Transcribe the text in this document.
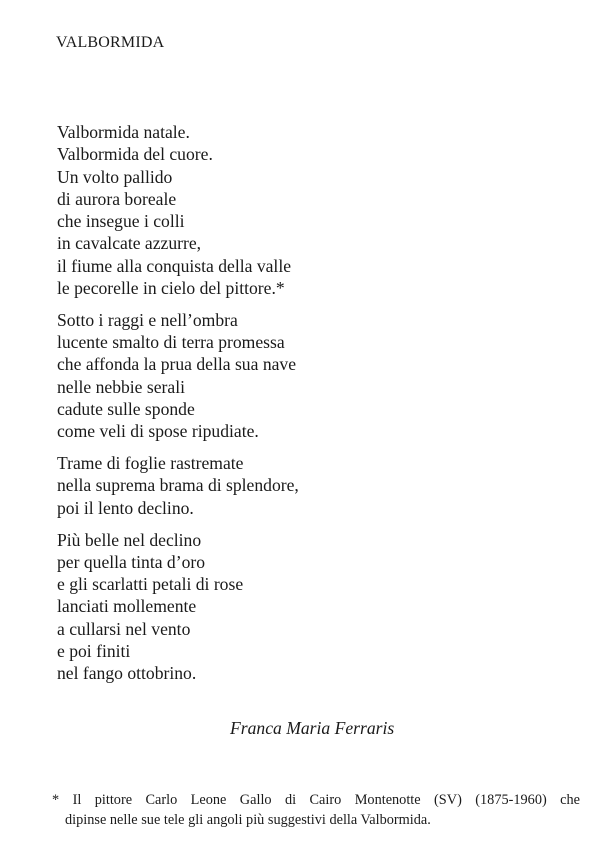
VALBORMIDA
Valbormida natale.
Valbormida del cuore.
Un volto pallido
di aurora boreale
che insegue i colli
in cavalcate azzurre,
il fiume alla conquista della valle
le pecorelle in cielo del pittore.*
Sotto i raggi e nell’ombra
lucente smalto di terra promessa
che affonda la prua della sua nave
nelle nebbie serali
cadute sulle sponde
come veli di spose ripudiate.
Trame di foglie rastremate
nella suprema brama di splendore,
poi il lento declino.
Più belle nel declino
per quella tinta d’oro
e gli scarlatti petali di rose
lanciati mollemente
a cullarsi nel vento
e poi finiti
nel fango ottobrino.
Franca Maria Ferraris
* Il pittore Carlo Leone Gallo di Cairo Montenotte (SV) (1875-1960) che
dipinse nelle sue tele gli angoli più suggestivi della Valbormida.
